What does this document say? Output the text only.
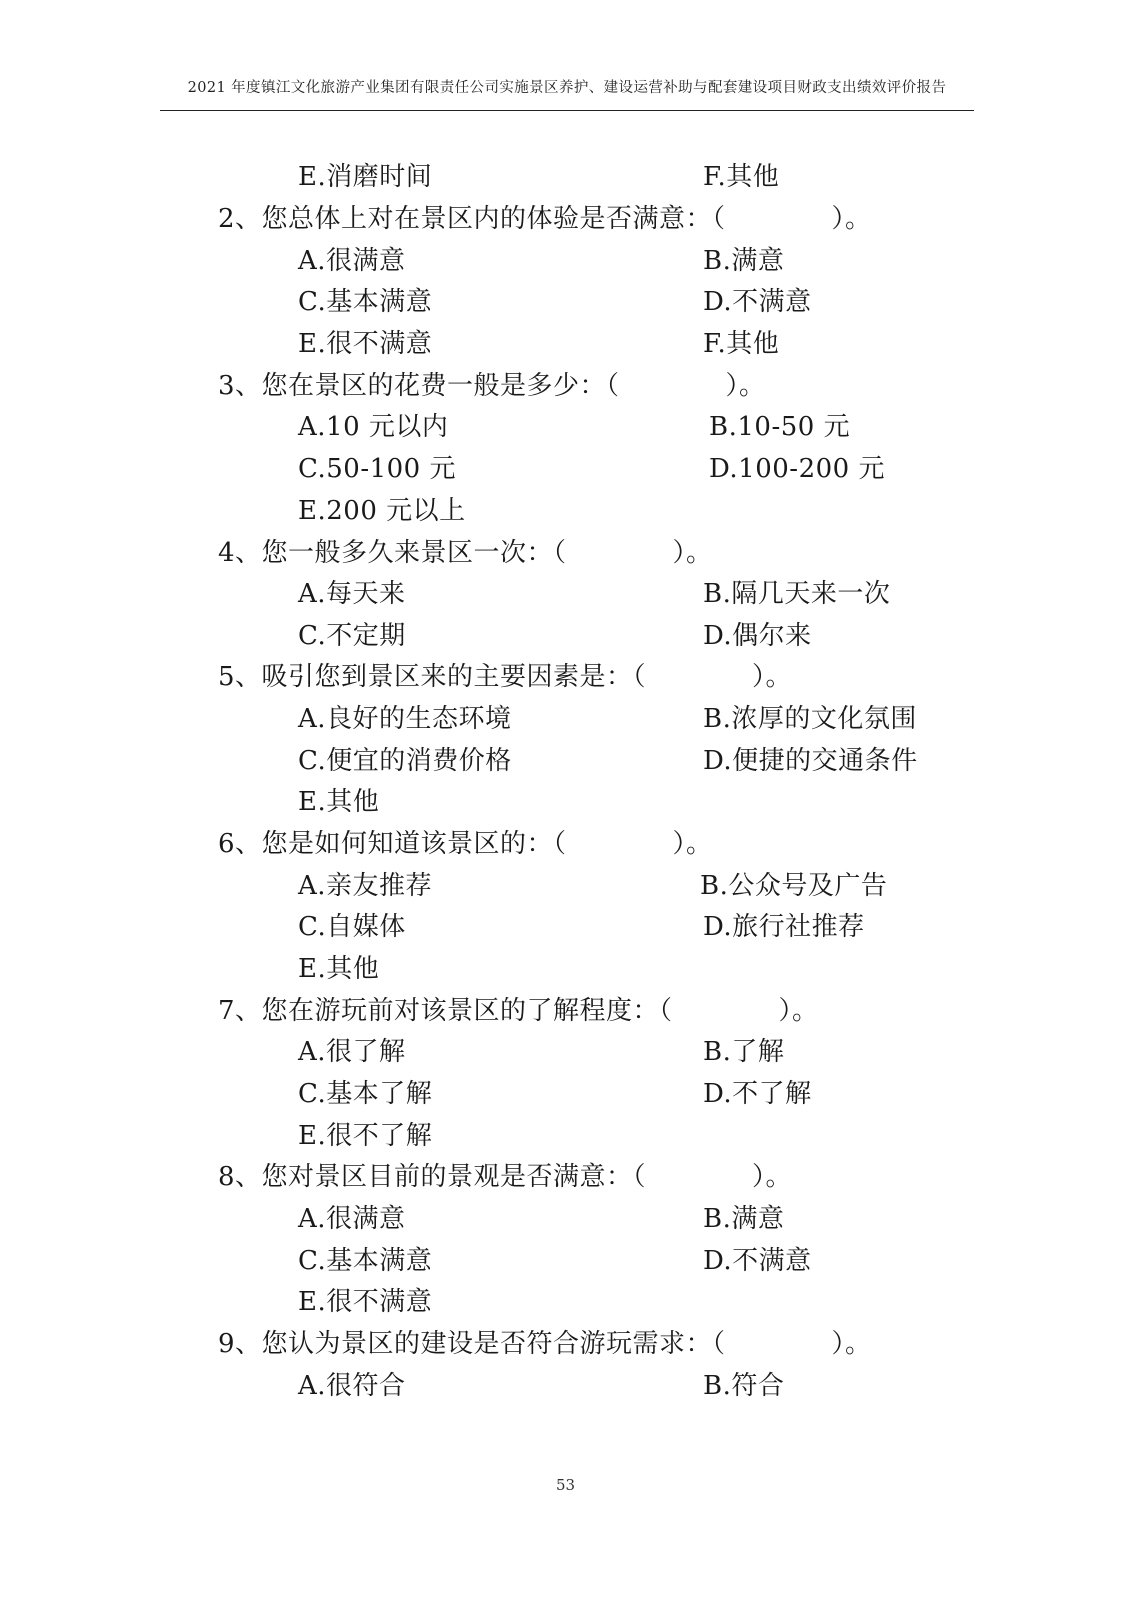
2021 年度镇江文化旅游产业集团有限责任公司实施景区养护、建设运营补助与配套建设项目财政支出绩效评价报告
E.消磨时间	F.其他
2、您总体上对在景区内的体验是否满意：（　　　　）。
A.很满意	B.满意
C.基本满意	D.不满意
E.很不满意	F.其他
3、您在景区的花费一般是多少：（　　　　）。
A.10 元以内	B.10-50 元
C.50-100 元	D.100-200 元
E.200 元以上
4、您一般多久来景区一次：（　　　　）。
A.每天来	B.隔几天来一次
C.不定期	D.偶尔来
5、吸引您到景区来的主要因素是：（　　　　）。
A.良好的生态环境	B.浓厚的文化氛围
C.便宜的消费价格	D.便捷的交通条件
E.其他
6、您是如何知道该景区的：（　　　　）。
A.亲友推荐	B.公众号及广告
C.自媒体	D.旅行社推荐
E.其他
7、您在游玩前对该景区的了解程度：（　　　　）。
A.很了解	B.了解
C.基本了解	D.不了解
E.很不了解
8、您对景区目前的景观是否满意：（　　　　）。
A.很满意	B.满意
C.基本满意	D.不满意
E.很不满意
9、您认为景区的建设是否符合游玩需求：（　　　　）。
A.很符合	B.符合
53
